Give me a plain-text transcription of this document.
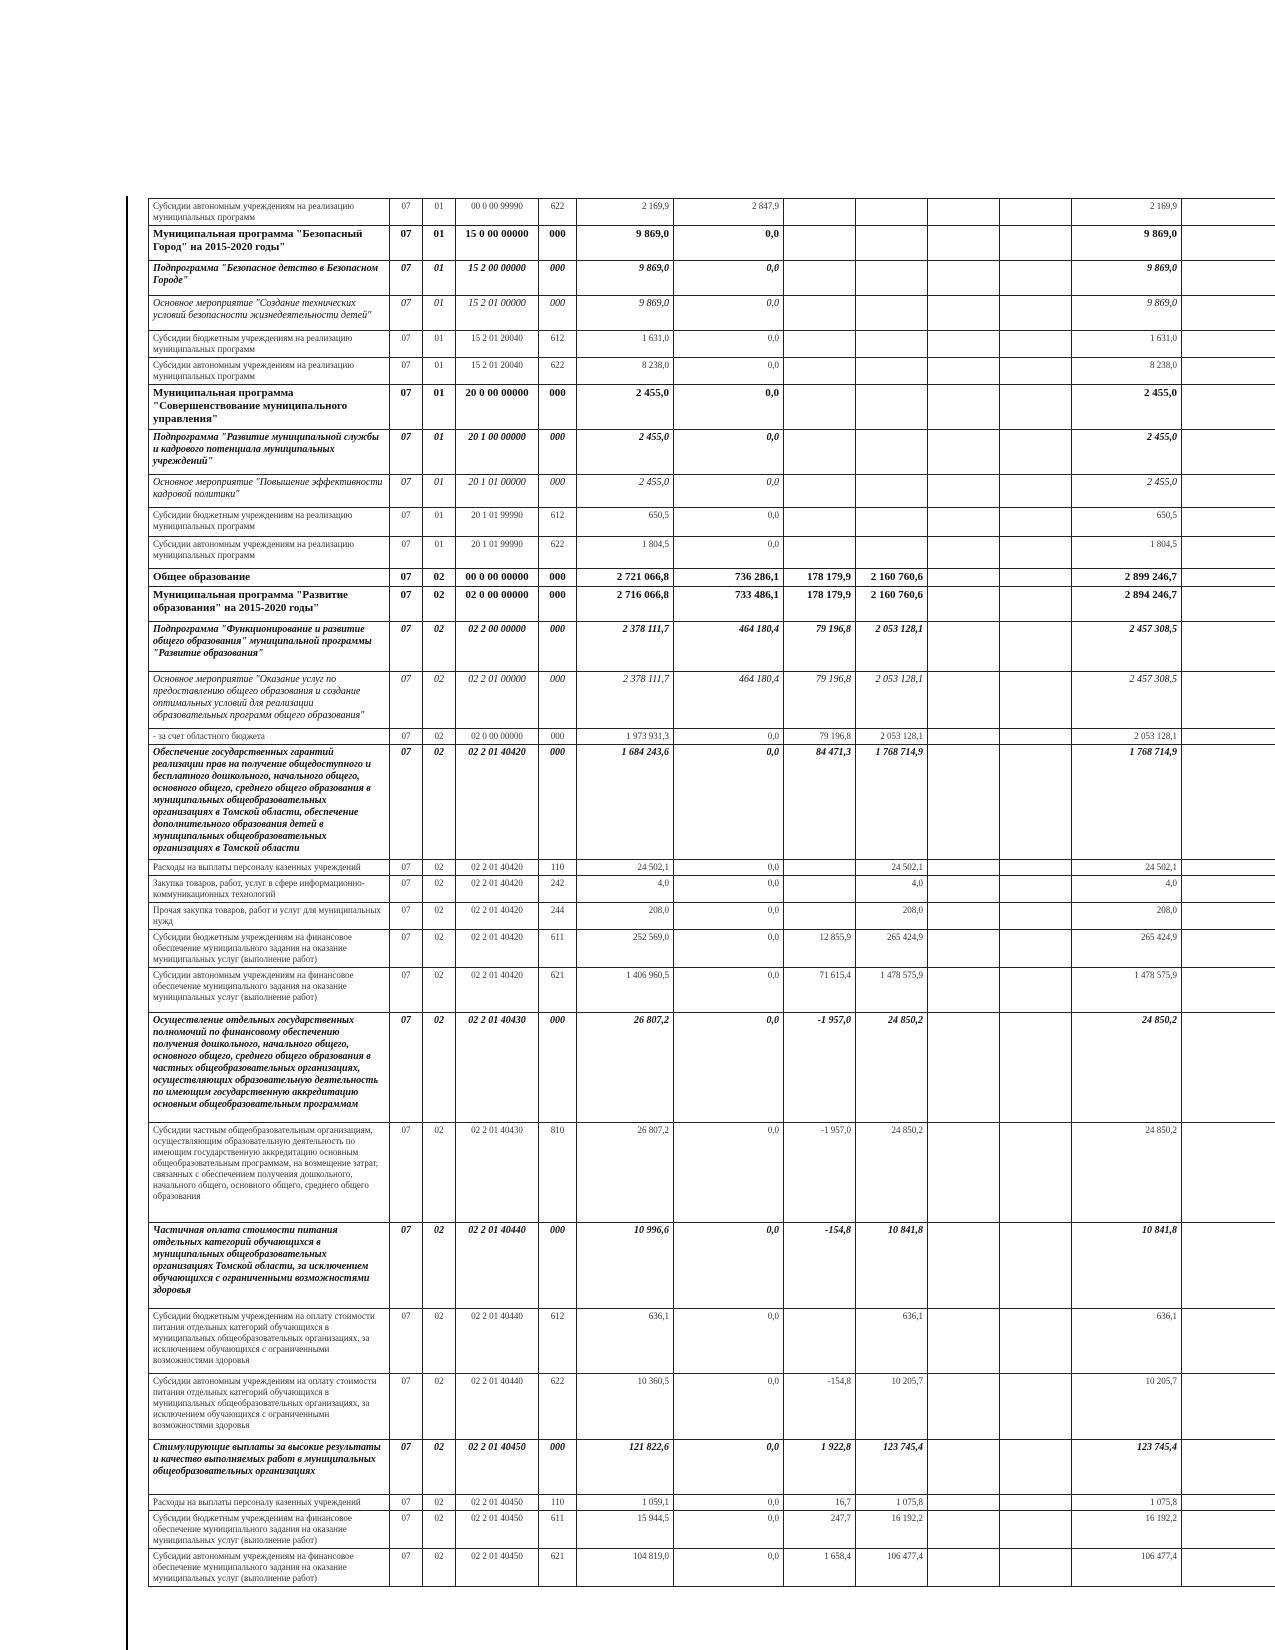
Субсидии автономным учреждениям на реализацию муниципальных программ	07	01	00 0 00 99990	622	2 169,9	2 847,9					2 169,9	
Муниципальная программа "Безопасный Город" на 2015-2020 годы"	07	01	15 0 00 00000	000	9 869,0	0,0					9 869,0	
Подпрограмма "Безопасное детство в Безопасном Городе"	07	01	15 2 00 00000	000	9 869,0	0,0					9 869,0	
Основное мероприятие "Создание технических условий безопасности жизнедеятельности детей"	07	01	15 2 01 00000	000	9 869,0	0,0					9 869,0	
Субсидии бюджетным учреждениям на реализацию муниципальных программ	07	01	15 2 01 20040	612	1 631,0	0,0					1 631,0	
Субсидии автономным учреждениям на реализацию муниципальных программ	07	01	15 2 01 20040	622	8 238,0	0,0					8 238,0	
Муниципальная программа "Совершенствование муниципального управления"	07	01	20 0 00 00000	000	2 455,0	0,0					2 455,0	
Подпрограмма "Развитие муниципальной службы и кадрового потенциала муниципальных учреждений"	07	01	20 1 00 00000	000	2 455,0	0,0					2 455,0	
Основное мероприятие "Повышение эффективности кадровой политики"	07	01	20 1 01 00000	000	2 455,0	0,0					2 455,0	
Субсидии бюджетным учреждениям на реализацию муниципальных программ	07	01	20 1 01 99990	612	650,5	0,0					650,5	
Субсидии автономным учреждениям на реализацию муниципальных программ	07	01	20 1 01 99990	622	1 804,5	0,0					1 804,5	
Общее образование	07	02	00 0 00 00000	000	2 721 066,8	736 286,1	178 179,9	2 160 760,6			2 899 246,7	
Муниципальная программа "Развитие образования" на 2015-2020 годы"	07	02	02 0 00 00000	000	2 716 066,8	733 486,1	178 179,9	2 160 760,6			2 894 246,7	
Подпрограмма "Функционирование и развитие общего образования" муниципальной программы "Развитие образования"	07	02	02 2 00 00000	000	2 378 111,7	464 180,4	79 196,8	2 053 128,1			2 457 308,5	
Основное мероприятие "Оказание услуг по предоставлению общего образования и создание оптимальных условий для реализации образовательных программ общего образования"	07	02	02 2 01 00000	000	2 378 111,7	464 180,4	79 196,8	2 053 128,1			2 457 308,5	
- за счет областного бюджета	07	02	02 0 00 00000	000	1 973 931,3	0,0	79 196,8	2 053 128,1			2 053 128,1	
Обеспечение государственных гарантий реализации прав на получение общедоступного и бесплатного дошкольного, начального общего, основного общего, среднего общего образования в муниципальных общеобразовательных организациях в Томской области, обеспечение дополнительного образования детей в муниципальных общеобразовательных организациях в Томской области	07	02	02 2 01 40420	000	1 684 243,6	0,0	84 471,3	1 768 714,9			1 768 714,9	
Расходы на выплаты персоналу казенных учреждений	07	02	02 2 01 40420	110	24 502,1	0,0		24 502,1			24 502,1	
Закупка товаров, работ, услуг в сфере информационно-коммуникационных технологий	07	02	02 2 01 40420	242	4,0	0,0		4,0			4,0	
Прочая закупка товаров, работ и услуг для муниципальных нужд	07	02	02 2 01 40420	244	208,0	0,0		208,0			208,0	
Субсидии бюджетным учреждениям на финансовое обеспечение муниципального задания на оказание муниципальных услуг (выполнение работ)	07	02	02 2 01 40420	611	252 569,0	0,0	12 855,9	265 424,9			265 424,9	
Субсидии автономным учреждениям на финансовое обеспечение муниципального задания на оказание муниципальных услуг (выполнение работ)	07	02	02 2 01 40420	621	1 406 960,5	0,0	71 615,4	1 478 575,9			1 478 575,9	
Осуществление отдельных государственных полномочий по финансовому обеспечению получения дошкольного, начального общего, основного общего, среднего общего образования в частных общеобразовательных организациях, осуществляющих образовательную деятельность по имеющим государственную аккредитацию основным общеобразовательным программам	07	02	02 2 01 40430	000	26 807,2	0,0	-1 957,0	24 850,2			24 850,2	
Субсидии частным общеобразовательным организациям, осуществляющим образовательную деятельность по имеющим государственную аккредитацию основным общеобразовательным программам, на возмещение затрат, связанных с обеспечением получения дошкольного, начального общего, основного общего, среднего общего образования	07	02	02 2 01 40430	810	26 807,2	0,0	-1 957,0	24 850,2			24 850,2	
Частичная оплата стоимости питания отдельных категорий обучающихся в муниципальных общеобразовательных организациях Томской области, за исключением обучающихся с ограниченными возможностями здоровья	07	02	02 2 01 40440	000	10 996,6	0,0	-154,8	10 841,8			10 841,8	
Субсидии бюджетным учреждениям на оплату стоимости питания отдельных категорий обучающихся в муниципальных общеобразовательных организациях, за исключением обучающихся с ограниченными возможностями здоровья	07	02	02 2 01 40440	612	636,1	0,0		636,1			636,1	
Субсидии автономным учреждениям на оплату стоимости питания отдельных категорий обучающихся в муниципальных общеобразовательных организациях, за исключением обучающихся с ограниченными возможностями здоровья	07	02	02 2 01 40440	622	10 360,5	0,0	-154,8	10 205,7			10 205,7	
Стимулирующие выплаты за высокие результаты и качество выполняемых работ в муниципальных общеобразовательных организациях	07	02	02 2 01 40450	000	121 822,6	0,0	1 922,8	123 745,4			123 745,4	
Расходы на выплаты персоналу казенных учреждений	07	02	02 2 01 40450	110	1 059,1	0,0	16,7	1 075,8			1 075,8	
Субсидии бюджетным учреждениям на финансовое обеспечение муниципального задания на оказание муниципальных услуг (выполнение работ)	07	02	02 2 01 40450	611	15 944,5	0,0	247,7	16 192,2			16 192,2	
Субсидии автономным учреждениям на финансовое обеспечение муниципального задания на оказание муниципальных услуг (выполнение работ)	07	02	02 2 01 40450	621	104 819,0	0,0	1 658,4	106 477,4			106 477,4	
